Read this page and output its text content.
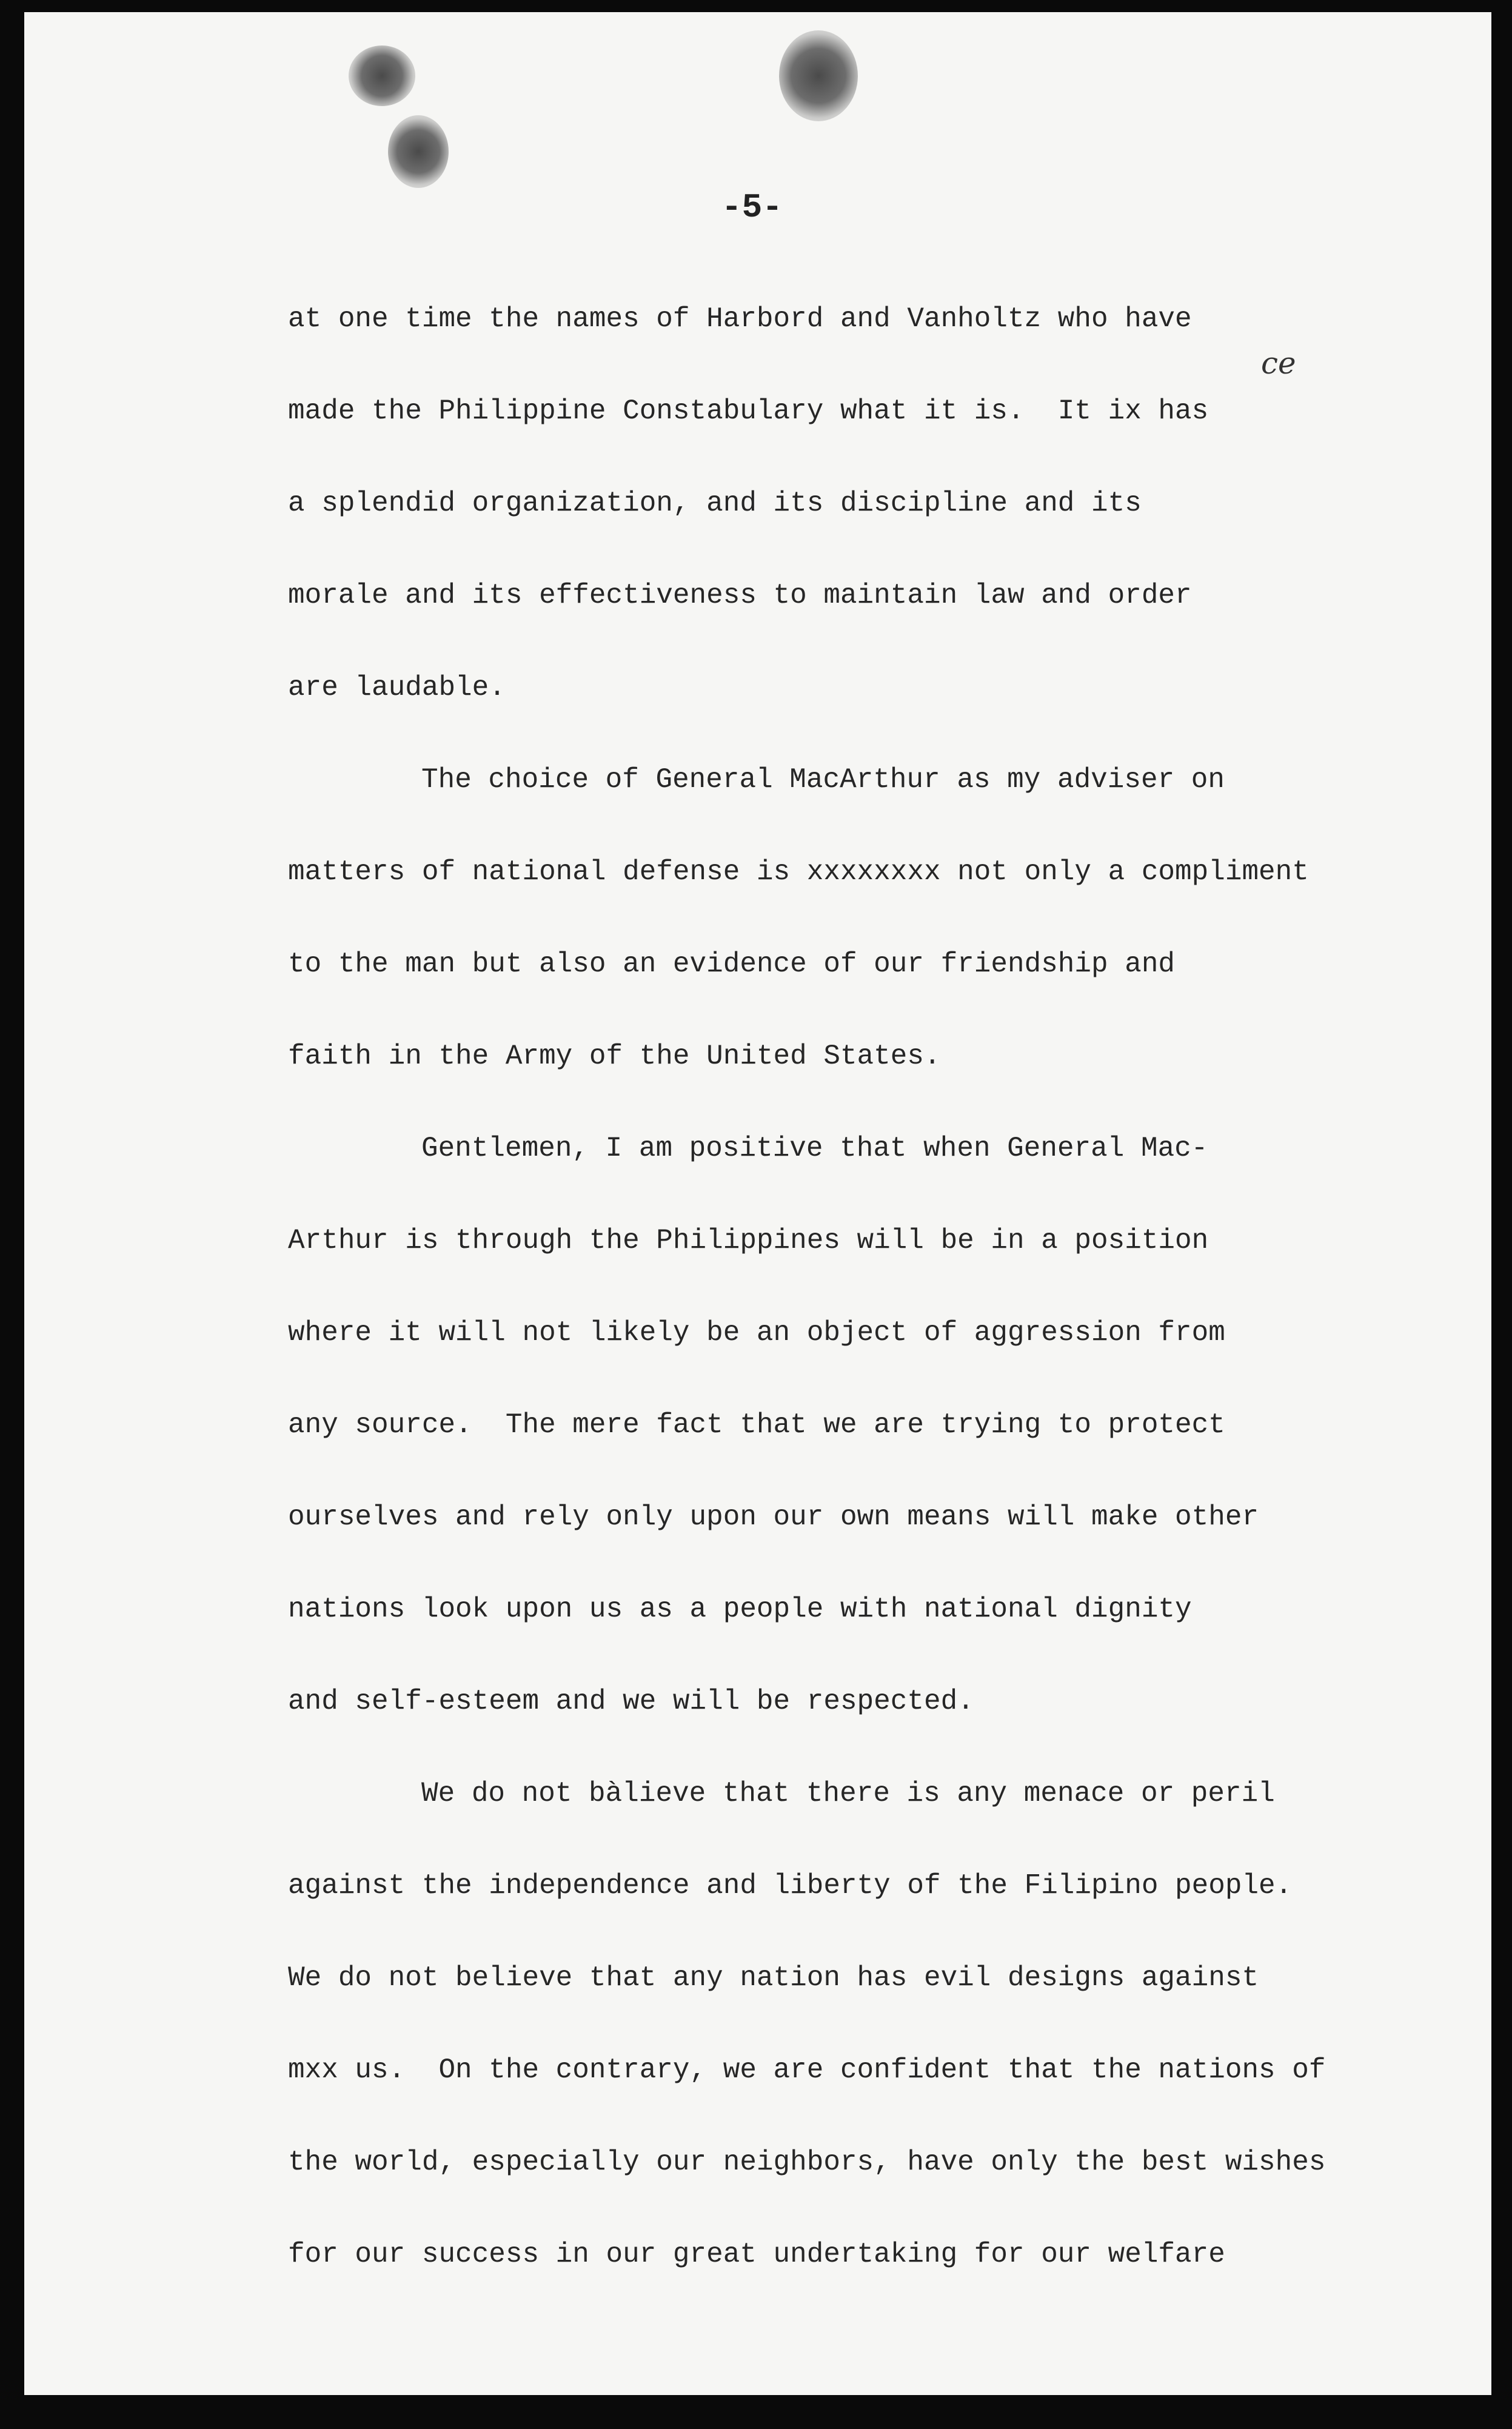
-5-

ce

at one time the names of Harbord and Vanholtz who have

made the Philippine Constabulary what it is.  It ix has

a splendid organization, and its discipline and its

morale and its effectiveness to maintain law and order

are laudable.

The choice of General MacArthur as my adviser on

matters of national defense is xxxxxxxx not only a compliment

to the man but also an evidence of our friendship and

faith in the Army of the United States.

Gentlemen, I am positive that when General Mac-

Arthur is through the Philippines will be in a position

where it will not likely be an object of aggression from

any source.  The mere fact that we are trying to protect

ourselves and rely only upon our own means will make other

nations look upon us as a people with national dignity

and self-esteem and we will be respected.

We do not bàlieve that there is any menace or peril

against the independence and liberty of the Filipino people.

We do not believe that any nation has evil designs against

mxx us.  On the contrary, we are confident that the nations of

the world, especially our neighbors, have only the best wishes

for our success in our great undertaking for our welfare
